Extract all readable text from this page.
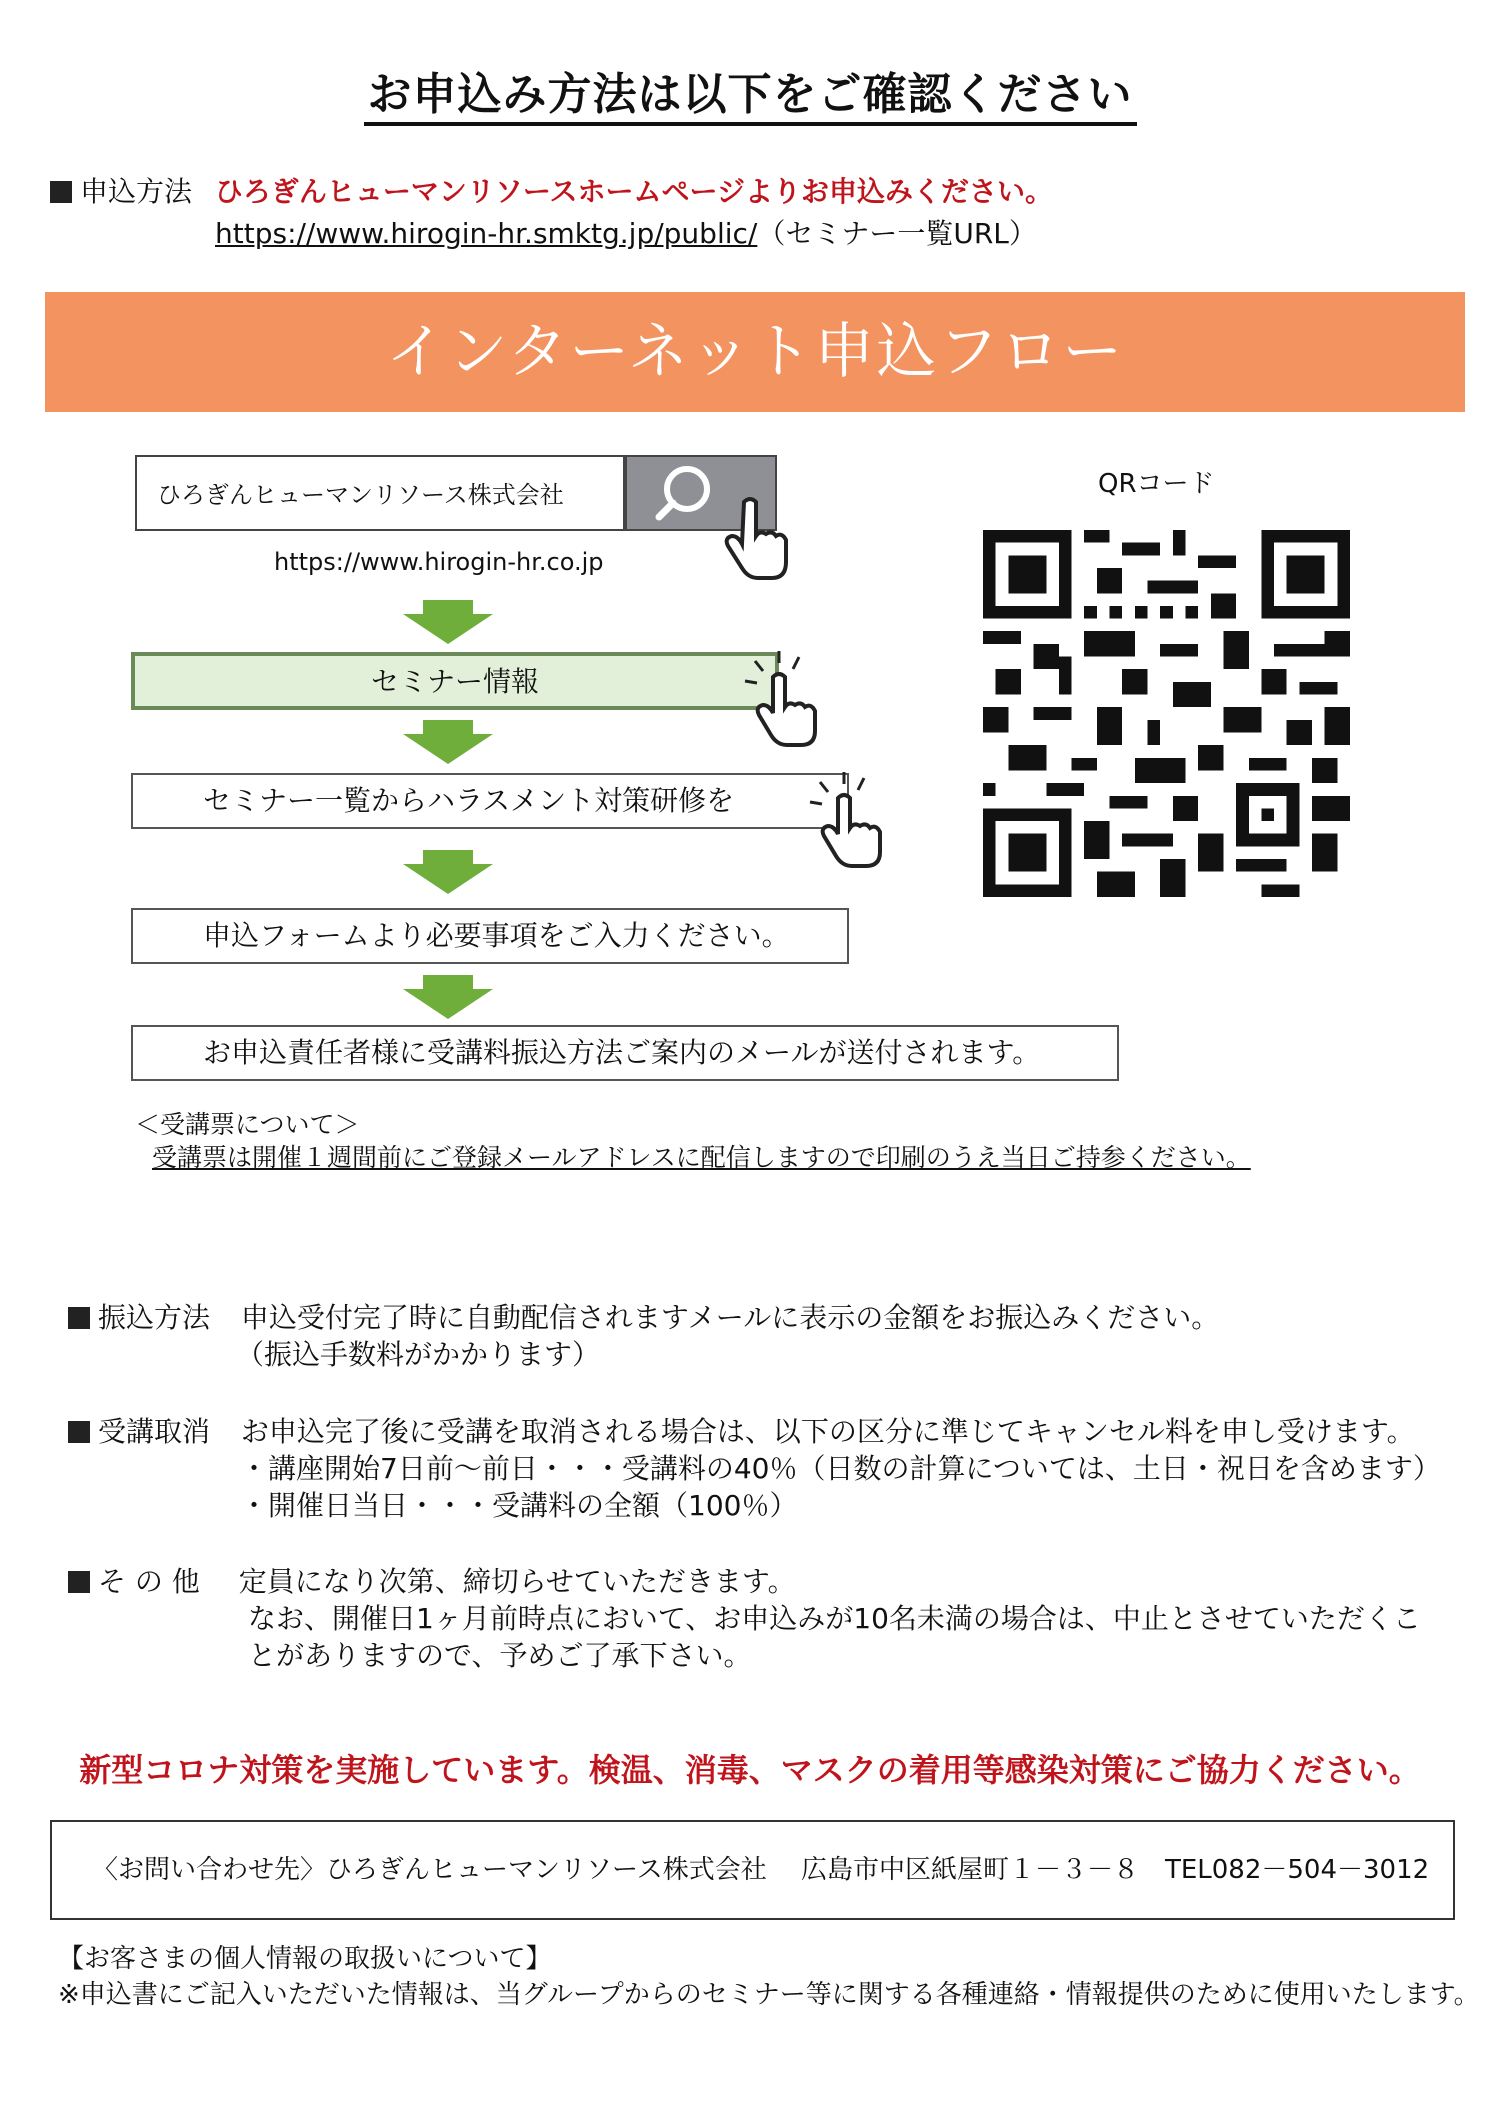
お申込み方法は以下をご確認ください
申込方法 ひろぎんヒューマンリソースホームページよりお申込みください。
https://www.hirogin-hr.smktg.jp/public/（セミナー一覧URL）
インターネット申込フロー
ひろぎんヒューマンリソース株式会社
https://www.hirogin-hr.co.jp
セミナー情報
セミナー一覧からハラスメント対策研修を
申込フォームより必要事項をご入力ください。
お申込責任者様に受講料振込方法ご案内のメールが送付されます。
＜受講票について＞
受講票は開催１週間前にご登録メールアドレスに配信しますので印刷のうえ当日ご持参ください。
QRコード
振込方法 申込受付完了時に自動配信されますメールに表示の金額をお振込みください。
（振込手数料がかかります）
受講取消 お申込完了後に受講を取消される場合は、以下の区分に準じてキャンセル料を申し受けます。
・講座開始7日前～前日・・・受講料の40％（日数の計算については、土日・祝日を含めます）
・開催日当日・・・受講料の全額（100％）
そ の 他 定員になり次第、締切らせていただきます。
なお、開催日1ヶ月前時点において、お申込みが10名未満の場合は、中止とさせていただくこ
とがありますので、予めご了承下さい。
新型コロナ対策を実施しています。検温、消毒、マスクの着用等感染対策にご協力ください。
〈お問い合わせ先〉ひろぎんヒューマンリソース株式会社　 広島市中区紙屋町１－３－８　TEL082－504－3012
【お客さまの個人情報の取扱いについて】
※申込書にご記入いただいた情報は、当グループからのセミナー等に関する各種連絡・情報提供のために使用いたします。
